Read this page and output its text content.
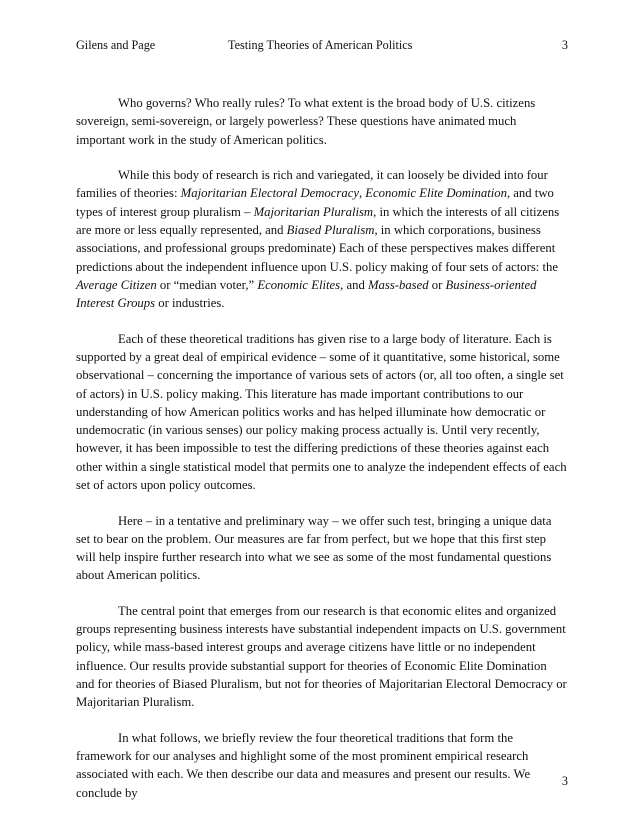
Gilens and Page	Testing Theories of American Politics	3

Who governs? Who really rules? To what extent is the broad body of U.S. citizens sovereign, semi-sovereign, or largely powerless? These questions have animated much important work in the study of American politics.

While this body of research is rich and variegated, it can loosely be divided into four families of theories: Majoritarian Electoral Democracy, Economic Elite Domination, and two types of interest group pluralism – Majoritarian Pluralism, in which the interests of all citizens are more or less equally represented, and Biased Pluralism, in which corporations, business associations, and professional groups predominate) Each of these perspectives makes different predictions about the independent influence upon U.S. policy making of four sets of actors: the Average Citizen or “median voter,” Economic Elites, and Mass-based or Business-oriented Interest Groups or industries.

Each of these theoretical traditions has given rise to a large body of literature. Each is supported by a great deal of empirical evidence – some of it quantitative, some historical, some observational – concerning the importance of various sets of actors (or, all too often, a single set of actors) in U.S. policy making. This literature has made important contributions to our understanding of how American politics works and has helped illuminate how democratic or undemocratic (in various senses) our policy making process actually is. Until very recently, however, it has been impossible to test the differing predictions of these theories against each other within a single statistical model that permits one to analyze the independent effects of each set of actors upon policy outcomes.

Here – in a tentative and preliminary way – we offer such test, bringing a unique data set to bear on the problem. Our measures are far from perfect, but we hope that this first step will help inspire further research into what we see as some of the most fundamental questions about American politics.

The central point that emerges from our research is that economic elites and organized groups representing business interests have substantial independent impacts on U.S. government policy, while mass-based interest groups and average citizens have little or no independent influence. Our results provide substantial support for theories of Economic Elite Domination and for theories of Biased Pluralism, but not for theories of Majoritarian Electoral Democracy or Majoritarian Pluralism.

In what follows, we briefly review the four theoretical traditions that form the framework for our analyses and highlight some of the most prominent empirical research associated with each. We then describe our data and measures and present our results. We conclude by

3
